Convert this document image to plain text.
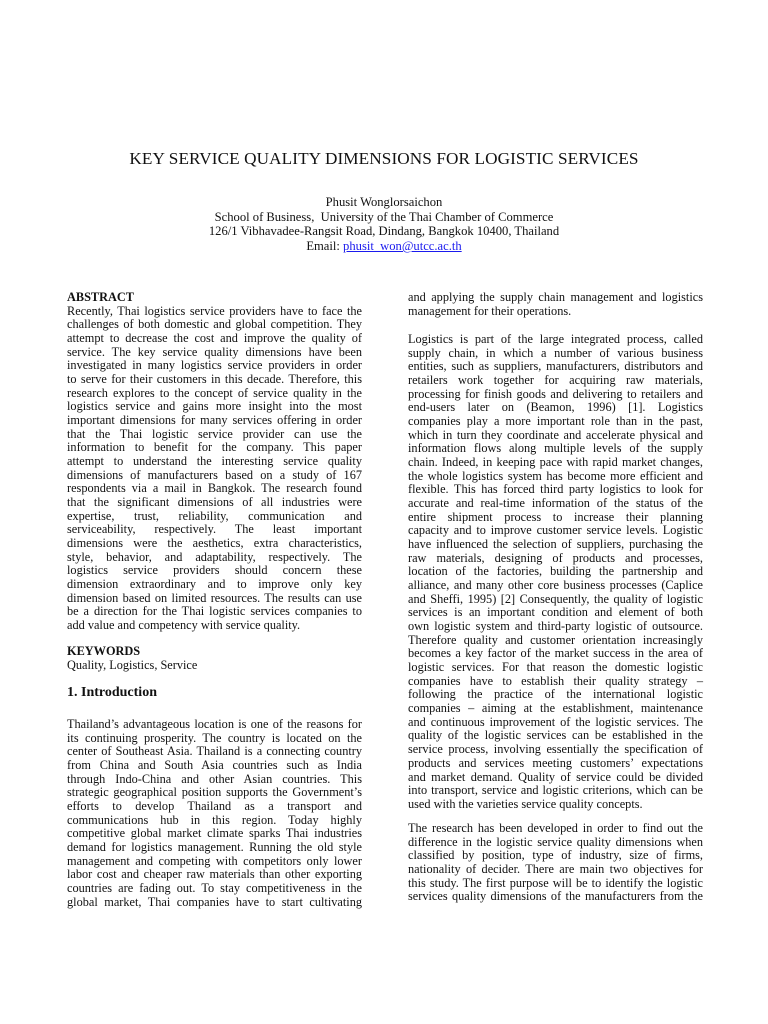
KEY SERVICE QUALITY DIMENSIONS FOR LOGISTIC SERVICES
Phusit Wonglorsaichon
School of Business,  University of the Thai Chamber of Commerce
126/1 Vibhavadee-Rangsit Road, Dindang, Bangkok 10400, Thailand
Email: phusit_won@utcc.ac.th
ABSTRACT
Recently, Thai logistics service providers have to face the
challenges of both domestic and global competition. They
attempt to decrease the cost and improve the quality of
service. The key service quality dimensions have been
investigated in many logistics service providers in order
to serve for their customers in this decade. Therefore, this
research explores to the concept of service quality in the
logistics service and gains more insight into the most
important dimensions for many services offering in order
that the Thai logistic service provider can use the
information to benefit for the company. This paper
attempt to understand the interesting service quality
dimensions of manufacturers based on a study of 167
respondents via a mail in Bangkok. The research found
that the significant dimensions of all industries were
expertise, trust, reliability, communication and
serviceability, respectively. The least important
dimensions were the aesthetics, extra characteristics,
style, behavior, and adaptability, respectively. The
logistics service providers should concern these
dimension extraordinary and to improve only key
dimension based on limited resources. The results can use
be a direction for the Thai logistic services companies to
add value and competency with service quality.
KEYWORDS
Quality, Logistics, Service
1. Introduction
Thailand’s advantageous location is one of the reasons for
its continuing prosperity. The country is located on the
center of Southeast Asia. Thailand is a connecting country
from China and South Asia countries such as India
through Indo-China and other Asian countries. This
strategic geographical position supports the Government’s
efforts to develop Thailand as a transport and
communications hub in this region. Today highly
competitive global market climate sparks Thai industries
demand for logistics management. Running the old style
management and competing with competitors only lower
labor cost and cheaper raw materials than other exporting
countries are fading out. To stay competitiveness in the
global market, Thai companies have to start cultivating
and applying the supply chain management and logistics
management for their operations.
Logistics is part of the large integrated process, called
supply chain, in which a number of various business
entities, such as suppliers, manufacturers, distributors and
retailers work together for acquiring raw materials,
processing for finish goods and delivering to retailers and
end-users later on (Beamon, 1996) [1]. Logistics
companies play a more important role than in the past,
which in turn they coordinate and accelerate physical and
information flows along multiple levels of the supply
chain. Indeed, in keeping pace with rapid market changes,
the whole logistics system has become more efficient and
flexible. This has forced third party logistics to look for
accurate and real-time information of the status of the
entire shipment process to increase their planning
capacity and to improve customer service levels. Logistic
have influenced the selection of suppliers, purchasing the
raw materials, designing of products and processes,
location of the factories, building the partnership and
alliance, and many other core business processes (Caplice
and Sheffi, 1995) [2] Consequently, the quality of logistic
services is an important condition and element of both
own logistic system and third-party logistic of outsource.
Therefore quality and customer orientation increasingly
becomes a key factor of the market success in the area of
logistic services. For that reason the domestic logistic
companies have to establish their quality strategy –
following the practice of the international logistic
companies – aiming at the establishment, maintenance
and continuous improvement of the logistic services. The
quality of the logistic services can be established in the
service process, involving essentially the specification of
products and services meeting customers’ expectations
and market demand. Quality of service could be divided
into transport, service and logistic criterions, which can be
used with the varieties service quality concepts.
The research has been developed in order to find out the
difference in the logistic service quality dimensions when
classified by position, type of industry, size of firms,
nationality of decider. There are main two objectives for
this study. The first purpose will be to identify the logistic
services quality dimensions of the manufacturers from the
